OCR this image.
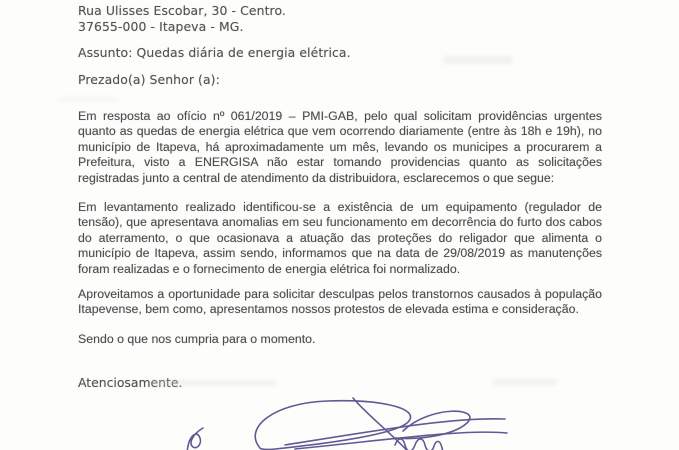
Rua Ulisses Escobar, 30 - Centro.
37655-000 - Itapeva - MG.
Assunto: Quedas diária de energia elétrica.
Prezado(a) Senhor (a):

Em resposta ao ofício nº 061/2019 – PMI-GAB, pelo qual solicitam providências urgentes quanto as quedas de energia elétrica que vem ocorrendo diariamente (entre às 18h e 19h), no município de Itapeva, há aproximadamente um mês, levando os municipes a procurarem a Prefeitura, visto a ENERGISA não estar tomando providencias quanto as solicitações registradas junto a central de atendimento da distribuidora, esclarecemos o que segue:

Em levantamento realizado identificou-se a existência de um equipamento (regulador de tensão), que apresentava anomalias em seu funcionamento em decorrência do furto dos cabos do aterramento, o que ocasionava a atuação das proteções do religador que alimenta o município de Itapeva, assim sendo, informamos que na data de 29/08/2019 as manutenções foram realizadas e o fornecimento de energia elétrica foi normalizado.

Aproveitamos a oportunidade para solicitar desculpas pelos transtornos causados à população Itapevense, bem como, apresentamos nossos protestos de elevada estima e consideração.

Sendo o que nos cumpria para o momento.

Atenciosamente.
